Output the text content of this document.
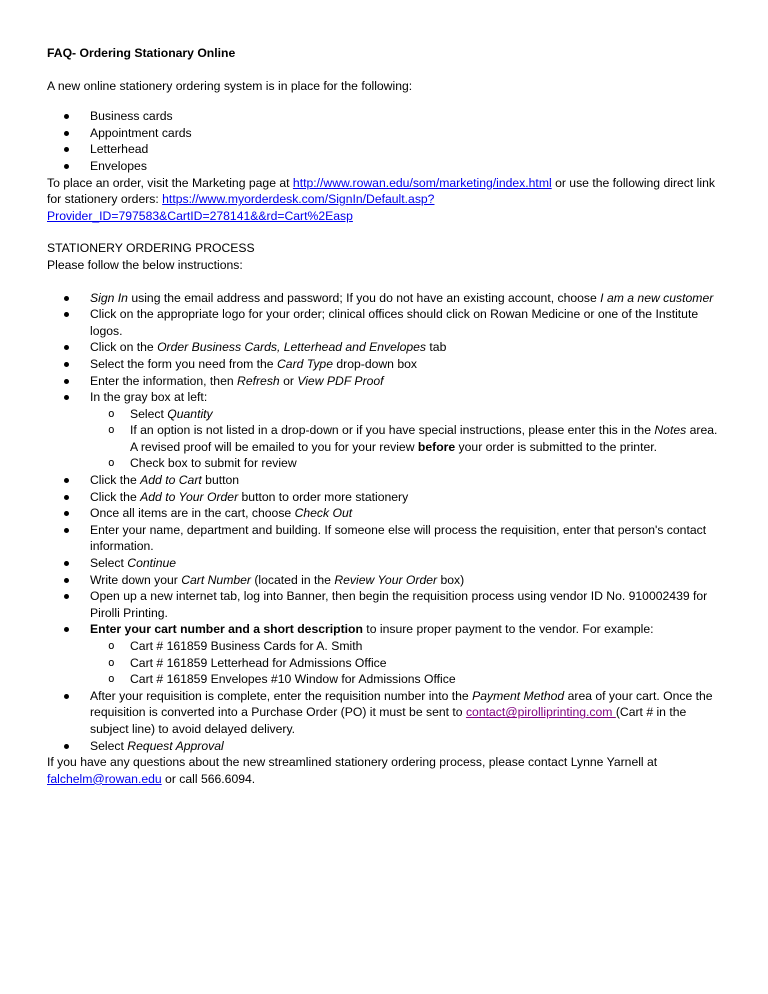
FAQ- Ordering Stationary Online

A new online stationery ordering system is in place for the following:

Business cards
Appointment cards
Letterhead
Envelopes

To place an order, visit the Marketing page at http://www.rowan.edu/som/marketing/index.html or use the following direct link for stationery orders: https://www.myorderdesk.com/SignIn/Default.asp?Provider_ID=797583&CartID=278141&&rd=Cart%2Easp

STATIONERY ORDERING PROCESS

Please follow the below instructions:

Sign In using the email address and password; If you do not have an existing account, choose I am a new customer
Click on the appropriate logo for your order; clinical offices should click on Rowan Medicine or one of the Institute logos.
Click on the Order Business Cards, Letterhead and Envelopes tab
Select the form you need from the Card Type drop-down box
Enter the information, then Refresh or View PDF Proof
In the gray box at left:
o Select Quantity
o If an option is not listed in a drop-down or if you have special instructions, please enter this in the Notes area. A revised proof will be emailed to you for your review before your order is submitted to the printer.
o Check box to submit for review
Click the Add to Cart button
Click the Add to Your Order button to order more stationery
Once all items are in the cart, choose Check Out
Enter your name, department and building. If someone else will process the requisition, enter that person's contact information.
Select Continue
Write down your Cart Number (located in the Review Your Order box)
Open up a new internet tab, log into Banner, then begin the requisition process using vendor ID No. 910002439 for Pirolli Printing.
Enter your cart number and a short description to insure proper payment to the vendor. For example:
o Cart # 161859 Business Cards for A. Smith
o Cart # 161859 Letterhead for Admissions Office
o Cart # 161859 Envelopes #10 Window for Admissions Office
After your requisition is complete, enter the requisition number into the Payment Method area of your cart. Once the requisition is converted into a Purchase Order (PO) it must be sent to contact@pirolliprinting.com (Cart # in the subject line) to avoid delayed delivery.
Select Request Approval

If you have any questions about the new streamlined stationery ordering process, please contact Lynne Yarnell at falchelm@rowan.edu or call 566.6094.
